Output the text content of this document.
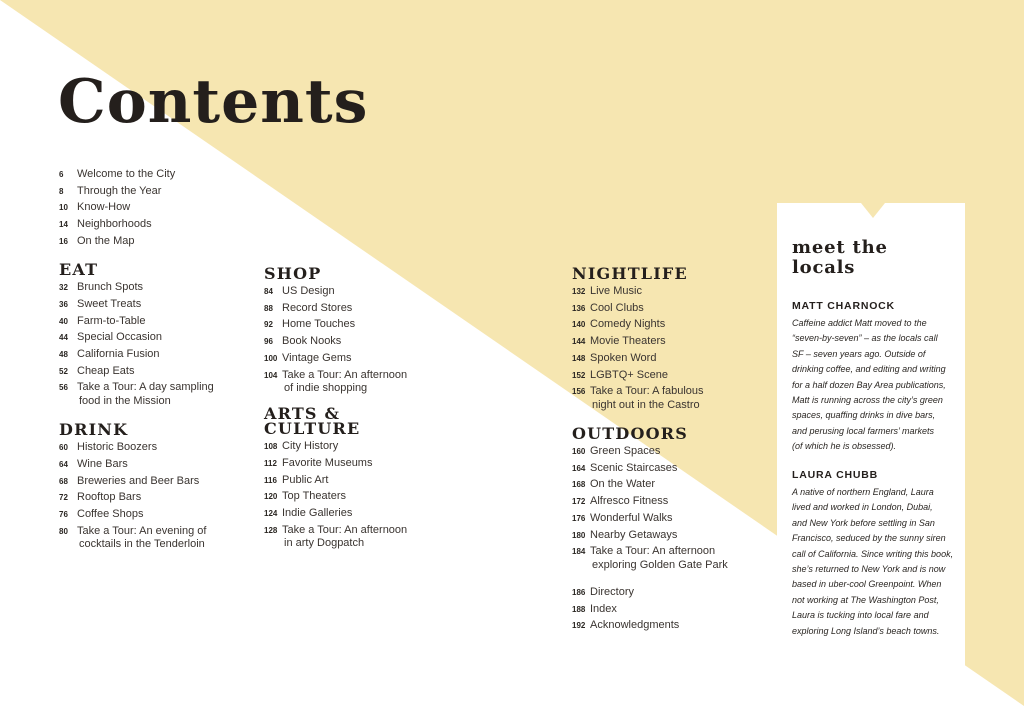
Contents
6	Welcome to the City
8	Through the Year
10 Know-How
14 Neighborhoods
16 On the Map
EAT
32 Brunch Spots
36 Sweet Treats
40 Farm-to-Table
44 Special Occasion
48 California Fusion
52 Cheap Eats
56 Take a Tour: A day sampling
food in the Mission
DRINK
60 Historic Boozers
64 Wine Bars
68 Breweries and Beer Bars
72 Rooftop Bars
76 Coffee Shops
80 Take a Tour: An evening of
cocktails in the Tenderloin
SHOP
84 US Design
88 Record Stores
92 Home Touches
96 Book Nooks
100 Vintage Gems
104 Take a Tour: An afternoon
of indie shopping
ARTS &
CULTURE
108 City History
112 Favorite Museums
116 Public Art
120 Top Theaters
124 Indie Galleries
128 Take a Tour: An afternoon
in arty Dogpatch
NIGHTLIFE
132 Live Music
136 Cool Clubs
140 Comedy Nights
144 Movie Theaters
148 Spoken Word
152 LGBTQ+ Scene
156 Take a Tour: A fabulous
night out in the Castro
OUTDOORS
160 Green Spaces
164 Scenic Staircases
168 On the Water
172 Alfresco Fitness
176 Wonderful Walks
180 Nearby Getaways
184 Take a Tour: An afternoon
exploring Golden Gate Park
186 Directory
188 Index
192 Acknowledgments
meet the
locals
MATT CHARNOCK

Caffeine addict Matt moved to the
“seven-by-seven” – as the locals call
SF – seven years ago. Outside of
drinking coffee, and editing and writing
for a half dozen Bay Area publications,
Matt is running across the city’s green
spaces, quaffing drinks in dive bars,
and perusing local farmers’ markets
(of which he is obsessed).

LAURA CHUBB

A native of northern England, Laura
lived and worked in London, Dubai,
and New York before settling in San
Francisco, seduced by the sunny siren
call of California. Since writing this book,
she’s returned to New York and is now
based in uber-cool Greenpoint. When
not working at The Washington Post,
Laura is tucking into local fare and
exploring Long Island’s beach towns.
